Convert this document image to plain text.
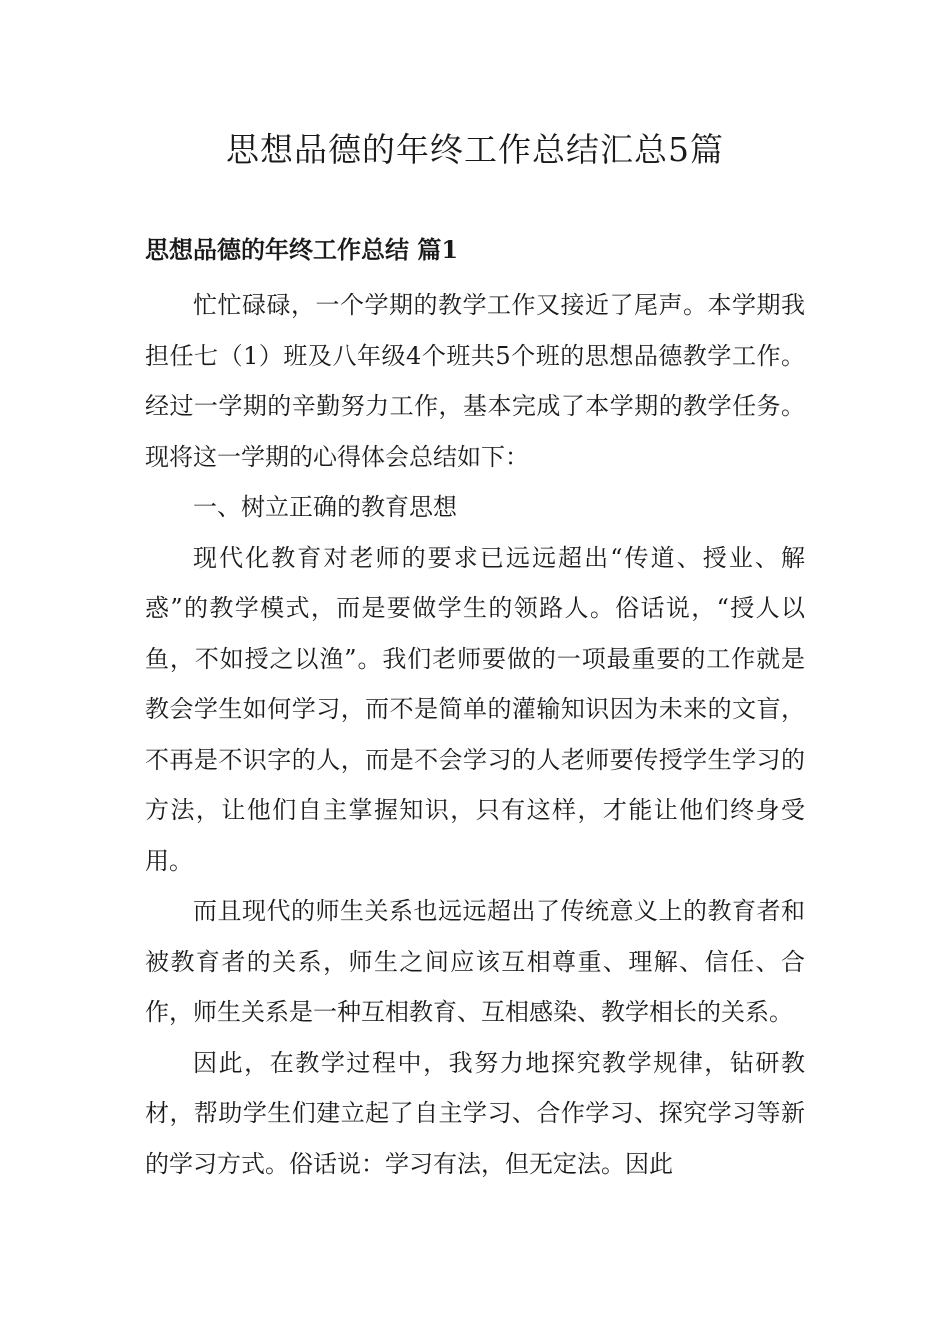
思想品德的年终工作总结汇总5篇
思想品德的年终工作总结 篇1

忙忙碌碌，一个学期的教学工作又接近了尾声。本学期我担任七（1）班及八年级4个班共5个班的思想品德教学工作。经过一学期的辛勤努力工作，基本完成了本学期的教学任务。现将这一学期的心得体会总结如下：

一、树立正确的教育思想

现代化教育对老师的要求已远远超出“传道、授业、解惑”的教学模式，而是要做学生的领路人。俗话说，“授人以鱼，不如授之以渔”。我们老师要做的一项最重要的工作就是教会学生如何学习，而不是简单的灌输知识因为未来的文盲，不再是不识字的人，而是不会学习的人老师要传授学生学习的方法，让他们自主掌握知识，只有这样，才能让他们终身受用。

而且现代的师生关系也远远超出了传统意义上的教育者和被教育者的关系，师生之间应该互相尊重、理解、信任、合作，师生关系是一种互相教育、互相感染、教学相长的关系。

因此，在教学过程中，我努力地探究教学规律，钻研教材，帮助学生们建立起了自主学习、合作学习、探究学习等新的学习方式。俗话说：学习有法，但无定法。因此
